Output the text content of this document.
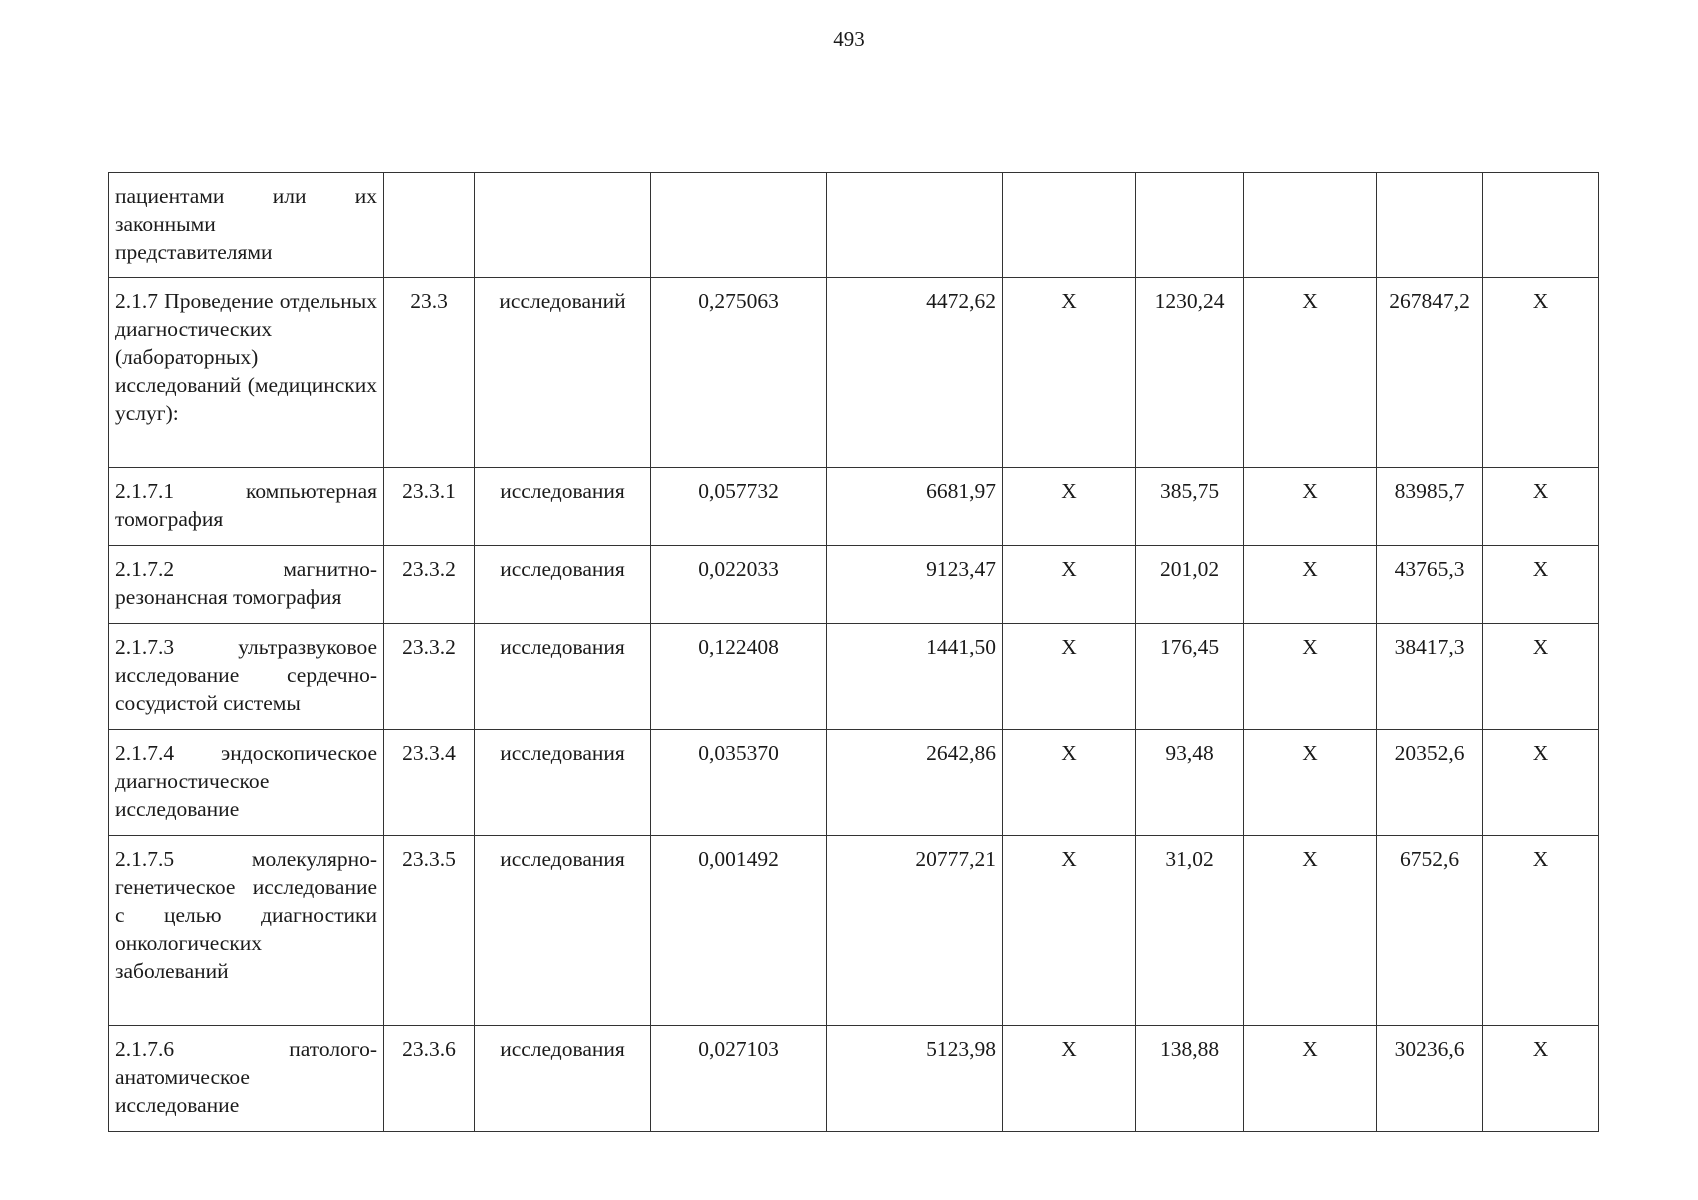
493
пациентами или их законными представителями									
2.1.7 Проведение отдельных диагностических (лабораторных) исследований (медицинских услуг):	23.3	исследований	0,275063	4472,62	X	1230,24	X	267847,2	X
2.1.7.1 компьютерная томография	23.3.1	исследования	0,057732	6681,97	X	385,75	X	83985,7	X
2.1.7.2 магнитно-резонансная томография	23.3.2	исследования	0,022033	9123,47	X	201,02	X	43765,3	X
2.1.7.3 ультразвуковое исследование сердечно-сосудистой системы	23.3.2	исследования	0,122408	1441,50	X	176,45	X	38417,3	X
2.1.7.4 эндоскопическое диагностическое исследование	23.3.4	исследования	0,035370	2642,86	X	93,48	X	20352,6	X
2.1.7.5 молекулярно-генетическое исследование с целью диагностики онкологических заболеваний	23.3.5	исследования	0,001492	20777,21	X	31,02	X	6752,6	X
2.1.7.6 патолого-анатомическое исследование	23.3.6	исследования	0,027103	5123,98	X	138,88	X	30236,6	X
